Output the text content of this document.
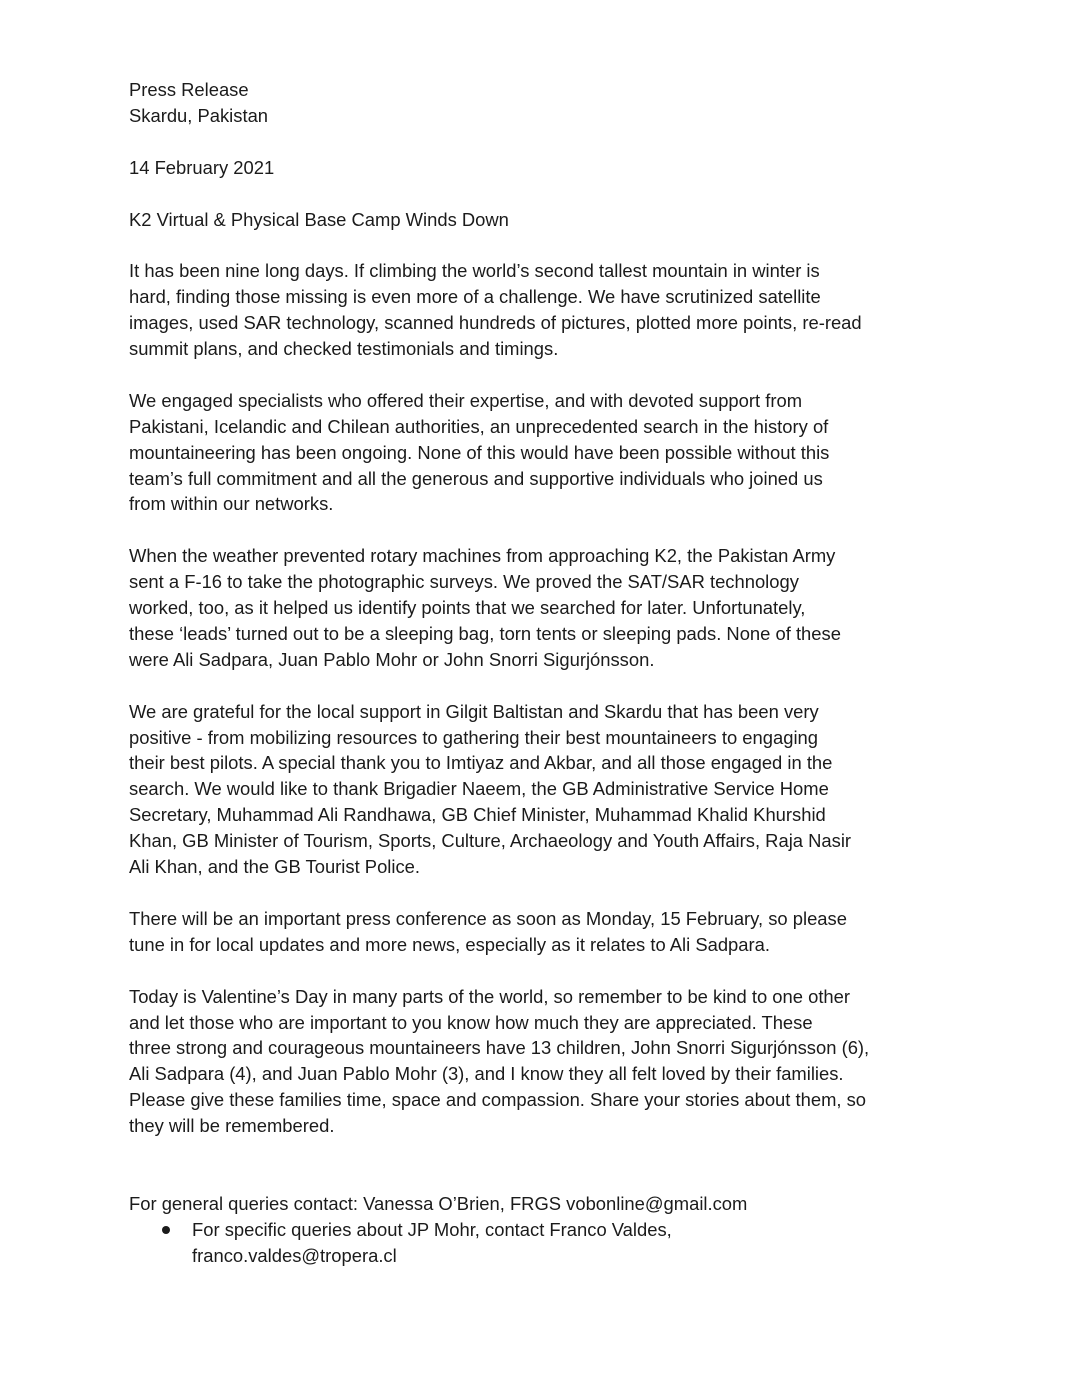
Press Release
Skardu, Pakistan
14 February 2021
K2 Virtual & Physical Base Camp Winds Down
It has been nine long days. If climbing the world’s second tallest mountain in winter is
hard, finding those missing is even more of a challenge. We have scrutinized satellite
images, used SAR technology, scanned hundreds of pictures, plotted more points, re-read
summit plans, and checked testimonials and timings.
We engaged specialists who offered their expertise, and with devoted support from
Pakistani, Icelandic and Chilean authorities, an unprecedented search in the history of
mountaineering has been ongoing. None of this would have been possible without this
team’s full commitment and all the generous and supportive individuals who joined us
from within our networks.
When the weather prevented rotary machines from approaching K2, the Pakistan Army
sent a F-16 to take the photographic surveys. We proved the SAT/SAR technology
worked, too, as it helped us identify points that we searched for later. Unfortunately,
these ‘leads’ turned out to be a sleeping bag, torn tents or sleeping pads. None of these
were Ali Sadpara, Juan Pablo Mohr or John Snorri Sigurjónsson.
We are grateful for the local support in Gilgit Baltistan and Skardu that has been very
positive - from mobilizing resources to gathering their best mountaineers to engaging
their best pilots. A special thank you to Imtiyaz and Akbar, and all those engaged in the
search. We would like to thank Brigadier Naeem, the GB Administrative Service Home
Secretary, Muhammad Ali Randhawa, GB Chief Minister, Muhammad Khalid Khurshid
Khan, GB Minister of Tourism, Sports, Culture, Archaeology and Youth Affairs, Raja Nasir
Ali Khan, and the GB Tourist Police.
There will be an important press conference as soon as Monday, 15 February, so please
tune in for local updates and more news, especially as it relates to Ali Sadpara.
Today is Valentine’s Day in many parts of the world, so remember to be kind to one other
and let those who are important to you know how much they are appreciated. These
three strong and courageous mountaineers have 13 children, John Snorri Sigurjónsson (6),
Ali Sadpara (4), and Juan Pablo Mohr (3), and I know they all felt loved by their families.
Please give these families time, space and compassion. Share your stories about them, so
they will be remembered.
For general queries contact: Vanessa O’Brien, FRGS vobonline@gmail.com
For specific queries about JP Mohr, contact Franco Valdes,
franco.valdes@tropera.cl
